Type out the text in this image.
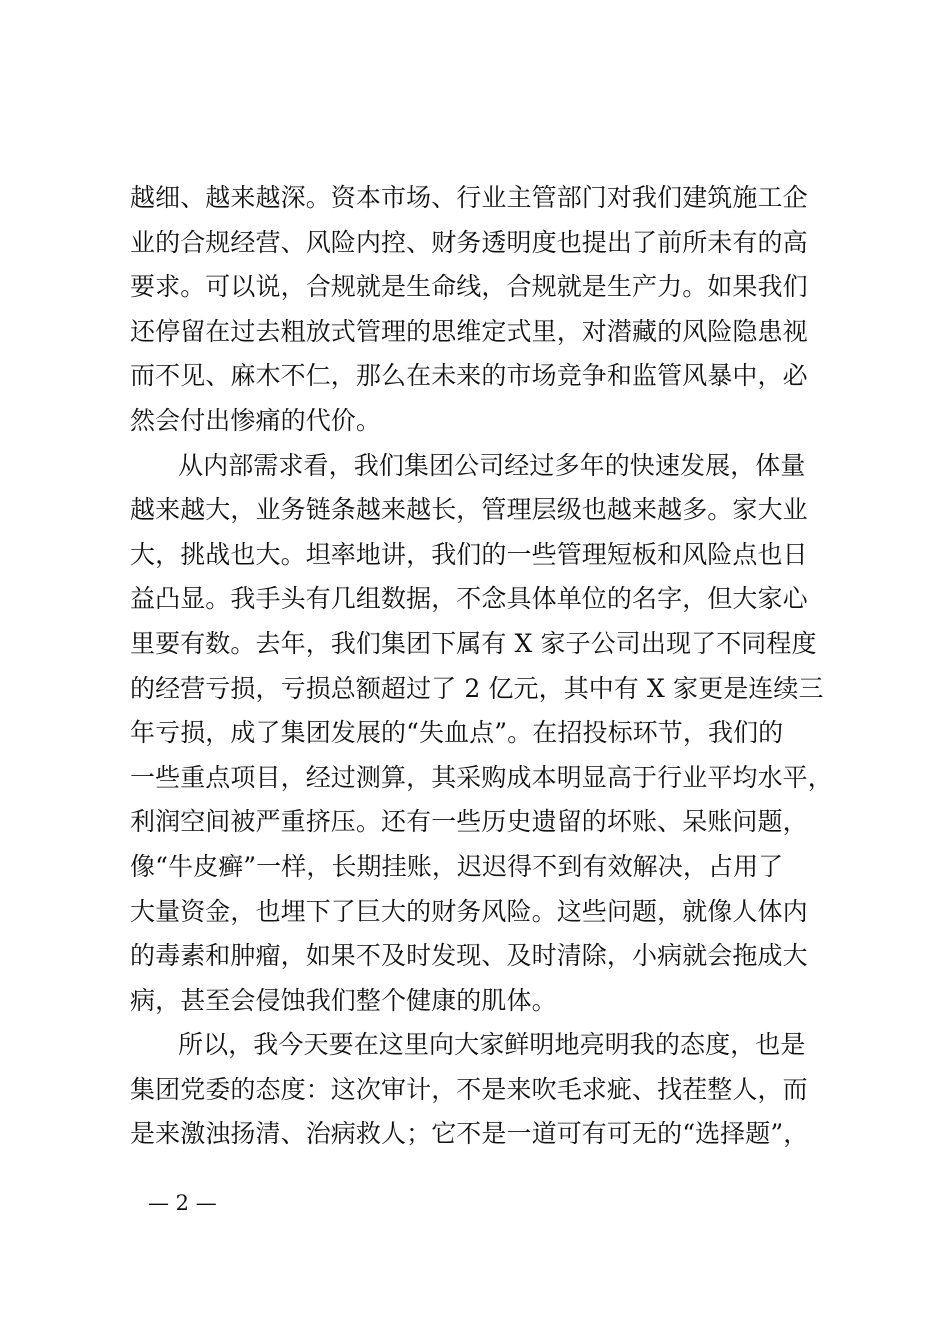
越细、越来越深。资本市场、行业主管部门对我们建筑施工企
业的合规经营、风险内控、财务透明度也提出了前所未有的高
要求。可以说，合规就是生命线，合规就是生产力。如果我们
还停留在过去粗放式管理的思维定式里，对潜藏的风险隐患视
而不见、麻木不仁，那么在未来的市场竞争和监管风暴中，必
然会付出惨痛的代价。
从内部需求看，我们集团公司经过多年的快速发展，体量
越来越大，业务链条越来越长，管理层级也越来越多。家大业
大，挑战也大。坦率地讲，我们的一些管理短板和风险点也日
益凸显。我手头有几组数据，不念具体单位的名字，但大家心
里要有数。去年，我们集团下属有 X 家子公司出现了不同程度
的经营亏损，亏损总额超过了 2 亿元，其中有 X 家更是连续三
年亏损，成了集团发展的“失血点”。在招投标环节，我们的
一些重点项目，经过测算，其采购成本明显高于行业平均水平，
利润空间被严重挤压。还有一些历史遗留的坏账、呆账问题，
像“牛皮癣”一样，长期挂账，迟迟得不到有效解决，占用了
大量资金，也埋下了巨大的财务风险。这些问题，就像人体内
的毒素和肿瘤，如果不及时发现、及时清除，小病就会拖成大
病，甚至会侵蚀我们整个健康的肌体。
所以，我今天要在这里向大家鲜明地亮明我的态度，也是
集团党委的态度：这次审计，不是来吹毛求疵、找茬整人，而
是来激浊扬清、治病救人；它不是一道可有可无的“选择题”，
— 2 —
